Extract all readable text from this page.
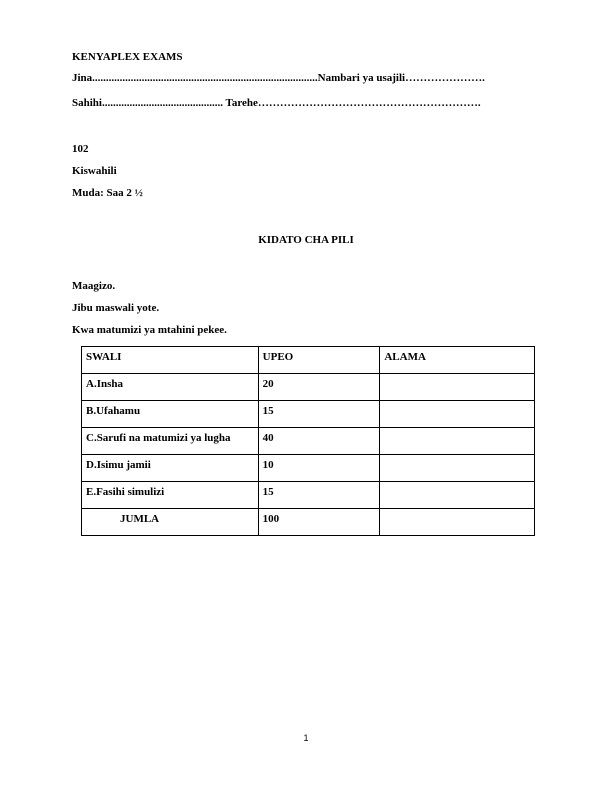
KENYAPLEX EXAMS
Jina..................................................................................Nambari ya usajili………………….
Sahihi............................................ Tarehe…………………………………………………….
102
Kiswahili
Muda: Saa 2 ½
KIDATO CHA PILI
Maagizo.
Jibu maswali yote.
Kwa matumizi ya mtahini pekee.
SWALI	UPEO	ALAMA
A.Insha	20	
B.Ufahamu	15	
C.Sarufi na matumizi ya lugha	40	
D.Isimu jamii	10	
E.Fasihi simulizi	15	
JUMLA	100	
1
